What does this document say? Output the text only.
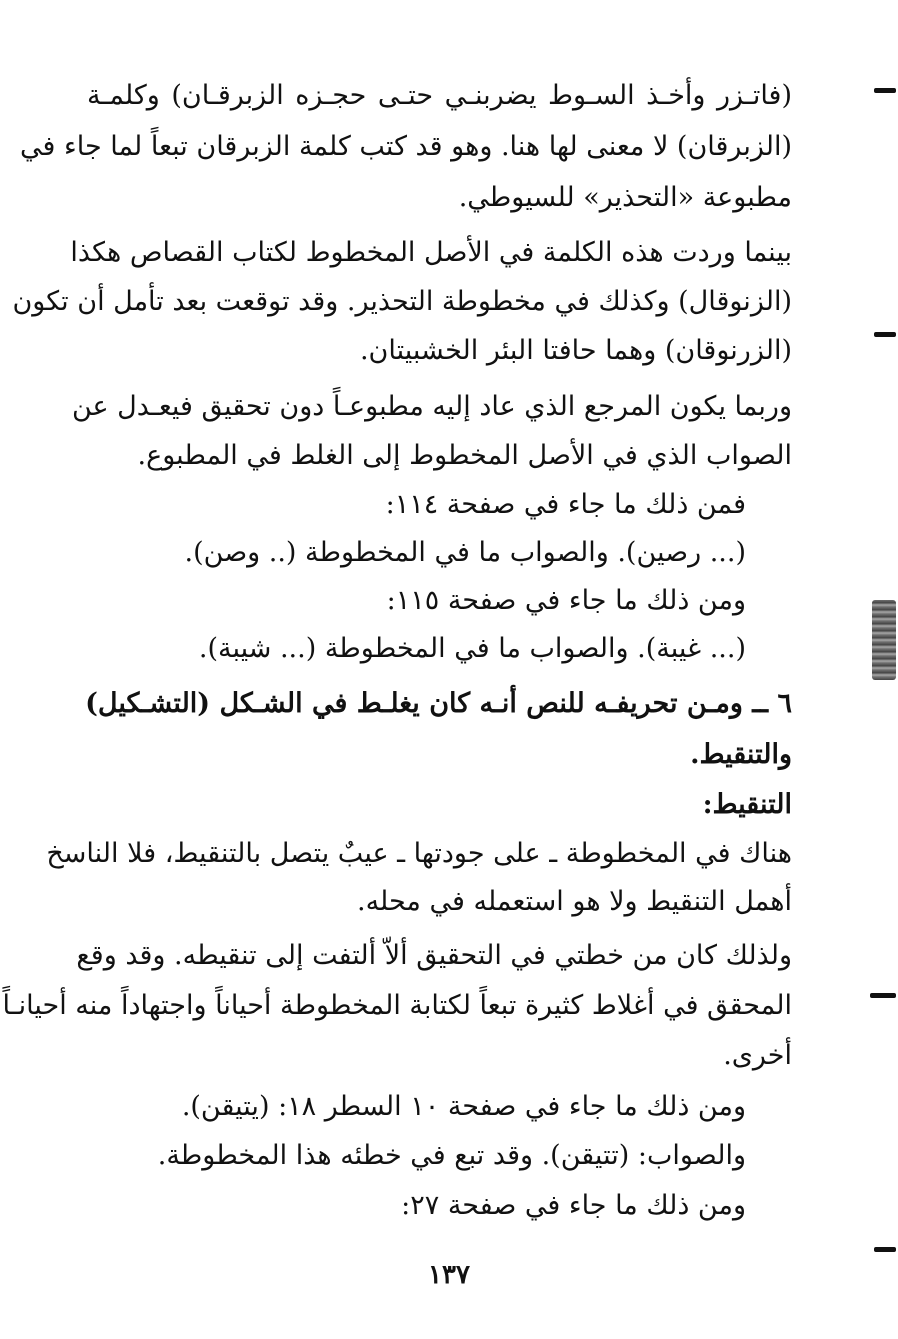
(فاتـزر وأخـذ السـوط يضربنـي حتـى حجـزه الزبرقـان) وكلمـة
(الزبرقان) لا معنى لها هنا. وهو قد كتب كلمة الزبرقان تبعاً لما جاء في
مطبوعة «التحذير» للسيوطي.
بينما وردت هذه الكلمة في الأصل المخطوط لكتاب القصاص هكذا
(الزنوقال) وكذلك في مخطوطة التحذير. وقد توقعت بعد تأمل أن تكون
(الزرنوقان) وهما حافتا البئر الخشبيتان.
وربما يكون المرجع الذي عاد إليه مطبوعـاً دون تحقيق فيعـدل عن
الصواب الذي في الأصل المخطوط إلى الغلط في المطبوع.
فمن ذلك ما جاء في صفحة ١١٤:
(... رصين). والصواب ما في المخطوطة (.. وصن).
ومن ذلك ما جاء في صفحة ١١٥:
(... غيبة). والصواب ما في المخطوطة (... شيبة).
٦ ــ ومـن تحريفـه للنص أنـه كان يغلـط في الشـكل (التشـكيل)
والتنقيط.
التنقيط:
هناك في المخطوطة ـ على جودتها ـ عيبٌ يتصل بالتنقيط، فلا الناسخ
أهمل التنقيط ولا هو استعمله في محله.
ولذلك كان من خطتي في التحقيق ألاّ ألتفت إلى تنقيطه. وقد وقع
المحقق في أغلاط كثيرة تبعاً لكتابة المخطوطة أحياناً واجتهاداً منه أحيانـاً
أخرى.
ومن ذلك ما جاء في صفحة ١٠ السطر ١٨: (يتيقن).
والصواب: (تتيقن). وقد تبع في خطئه هذا المخطوطة.
ومن ذلك ما جاء في صفحة ٢٧:
١٣٧
